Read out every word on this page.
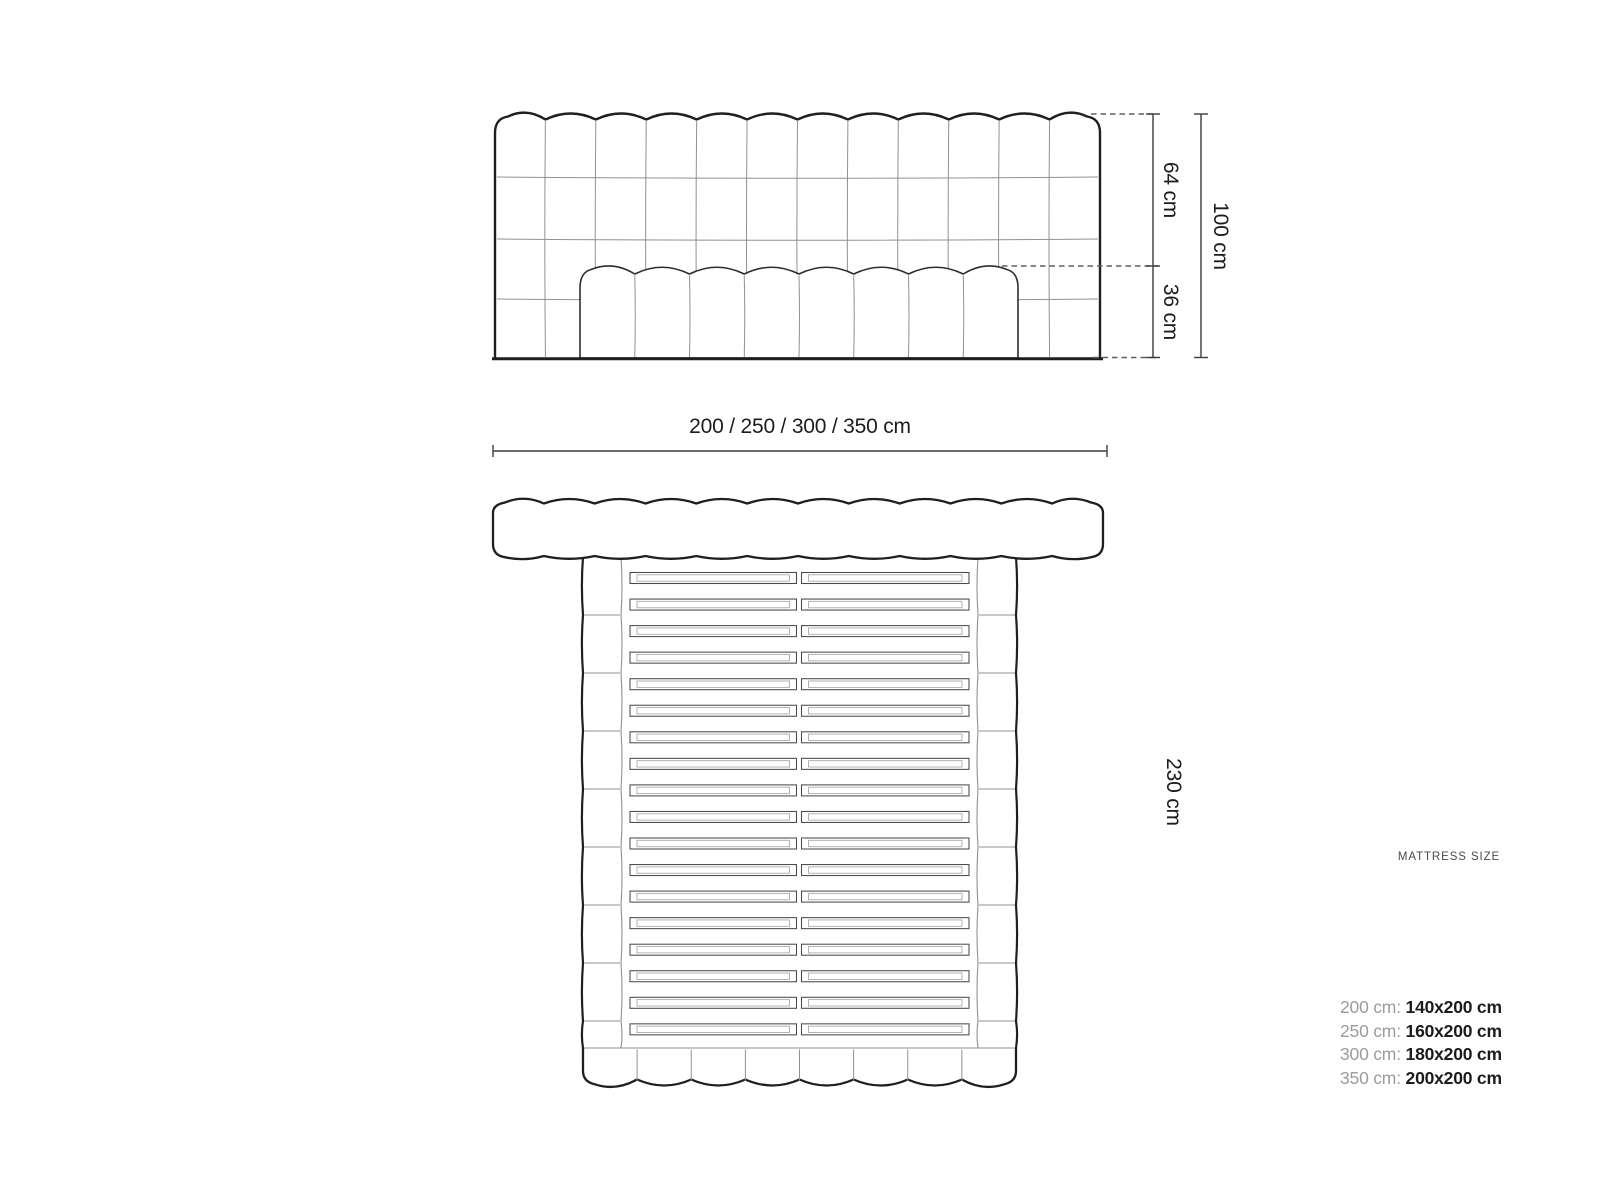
64 cm
36 cm
100 cm
200 / 250 / 300 / 350 cm
230 cm
MATTRESS SIZE
200 cm: 140x200 cm
250 cm: 160x200 cm
300 cm: 180x200 cm
350 cm: 200x200 cm
